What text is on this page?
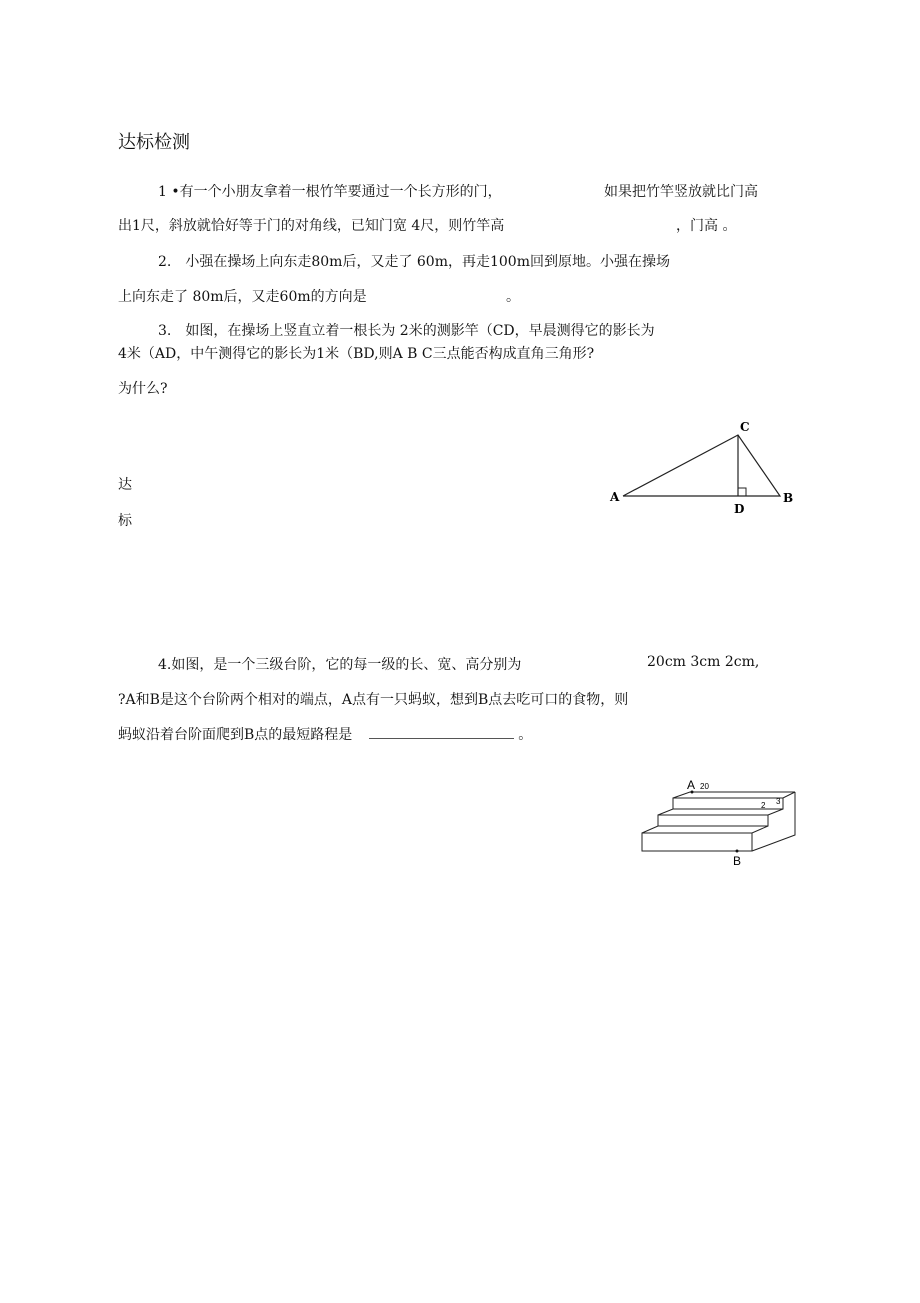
达标检测
1 •有一个小朋友拿着一根竹竿要通过一个长方形的门，	如果把竹竿竖放就比门高
出1尺，斜放就恰好等于门的对角线，已知门宽 4尺，则竹竿高	，门高 。
2.　小强在操场上向东走80m后，又走了 60m，再走100m回到原地。小强在操场
上向东走了 80m后，又走60m的方向是	。
3.　如图，在操场上竖直立着一根长为 2米的测影竿（CD，早晨测得它的影长为
4米（AD，中午测得它的影长为1米（BD,则A B C三点能否构成直角三角形?
为什么?
达
标
C
A	B
D
4.如图，是一个三级台阶，它的每一级的长、宽、高分别为	20cm 3cm 2cm,
?A和B是这个台阶两个相对的端点，A点有一只蚂蚁，想到B点去吃可口的食物，则
蚂蚁沿着台阶面爬到B点的最短路程是	。
A 20
2 3
B
